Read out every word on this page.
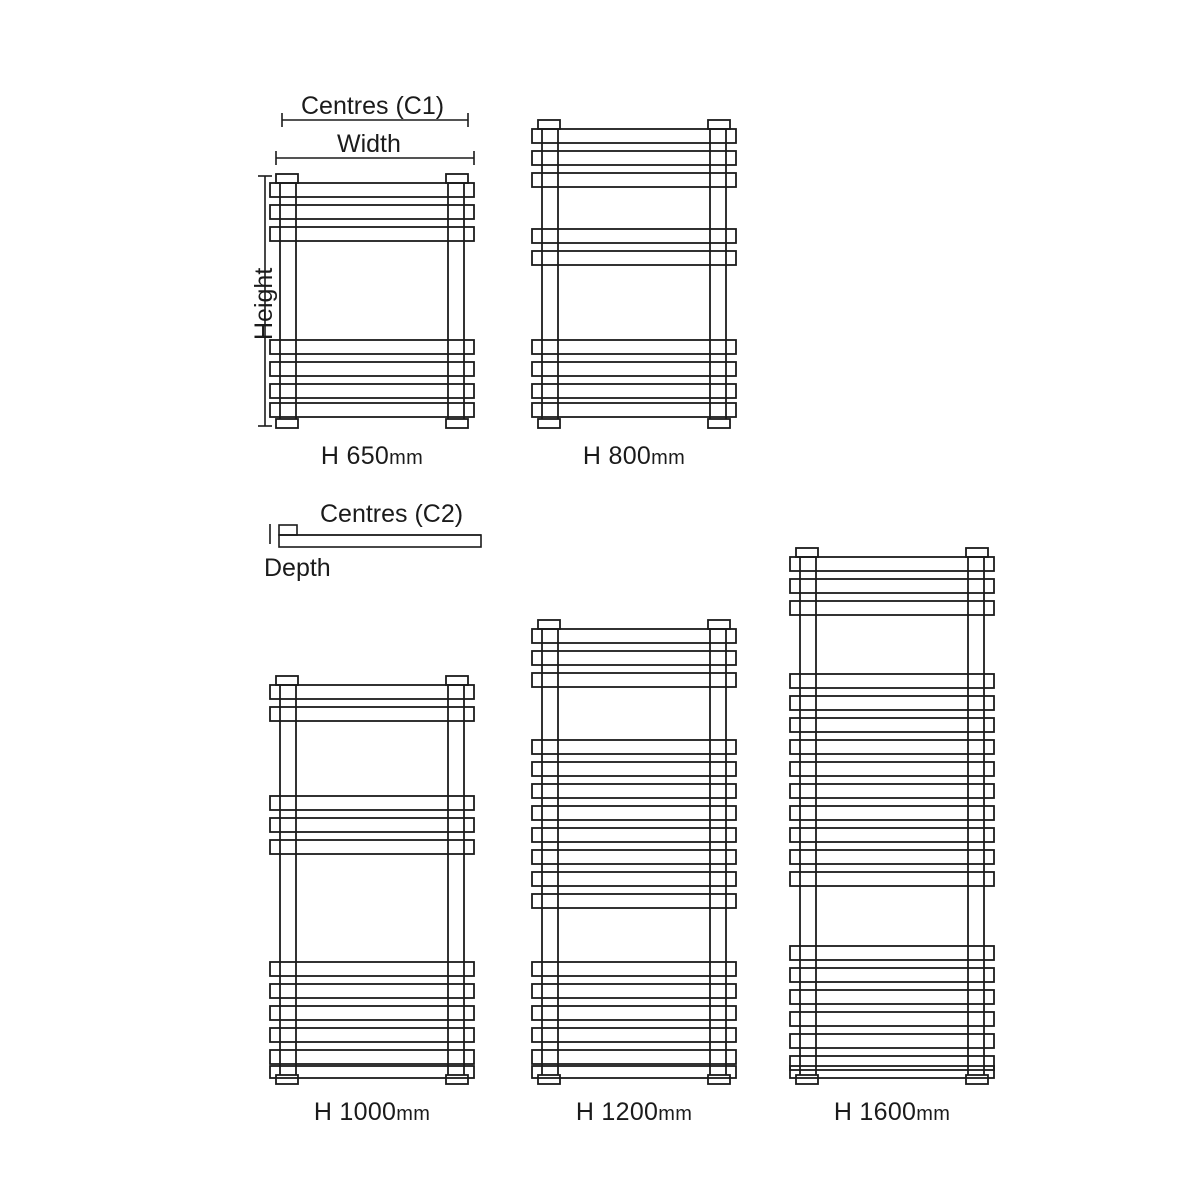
Centres (C1)
Width
Height
Centres (C2)
Depth
H 650mm	H 800mm
H 1000mm	H 1200mm	H 1600mm
